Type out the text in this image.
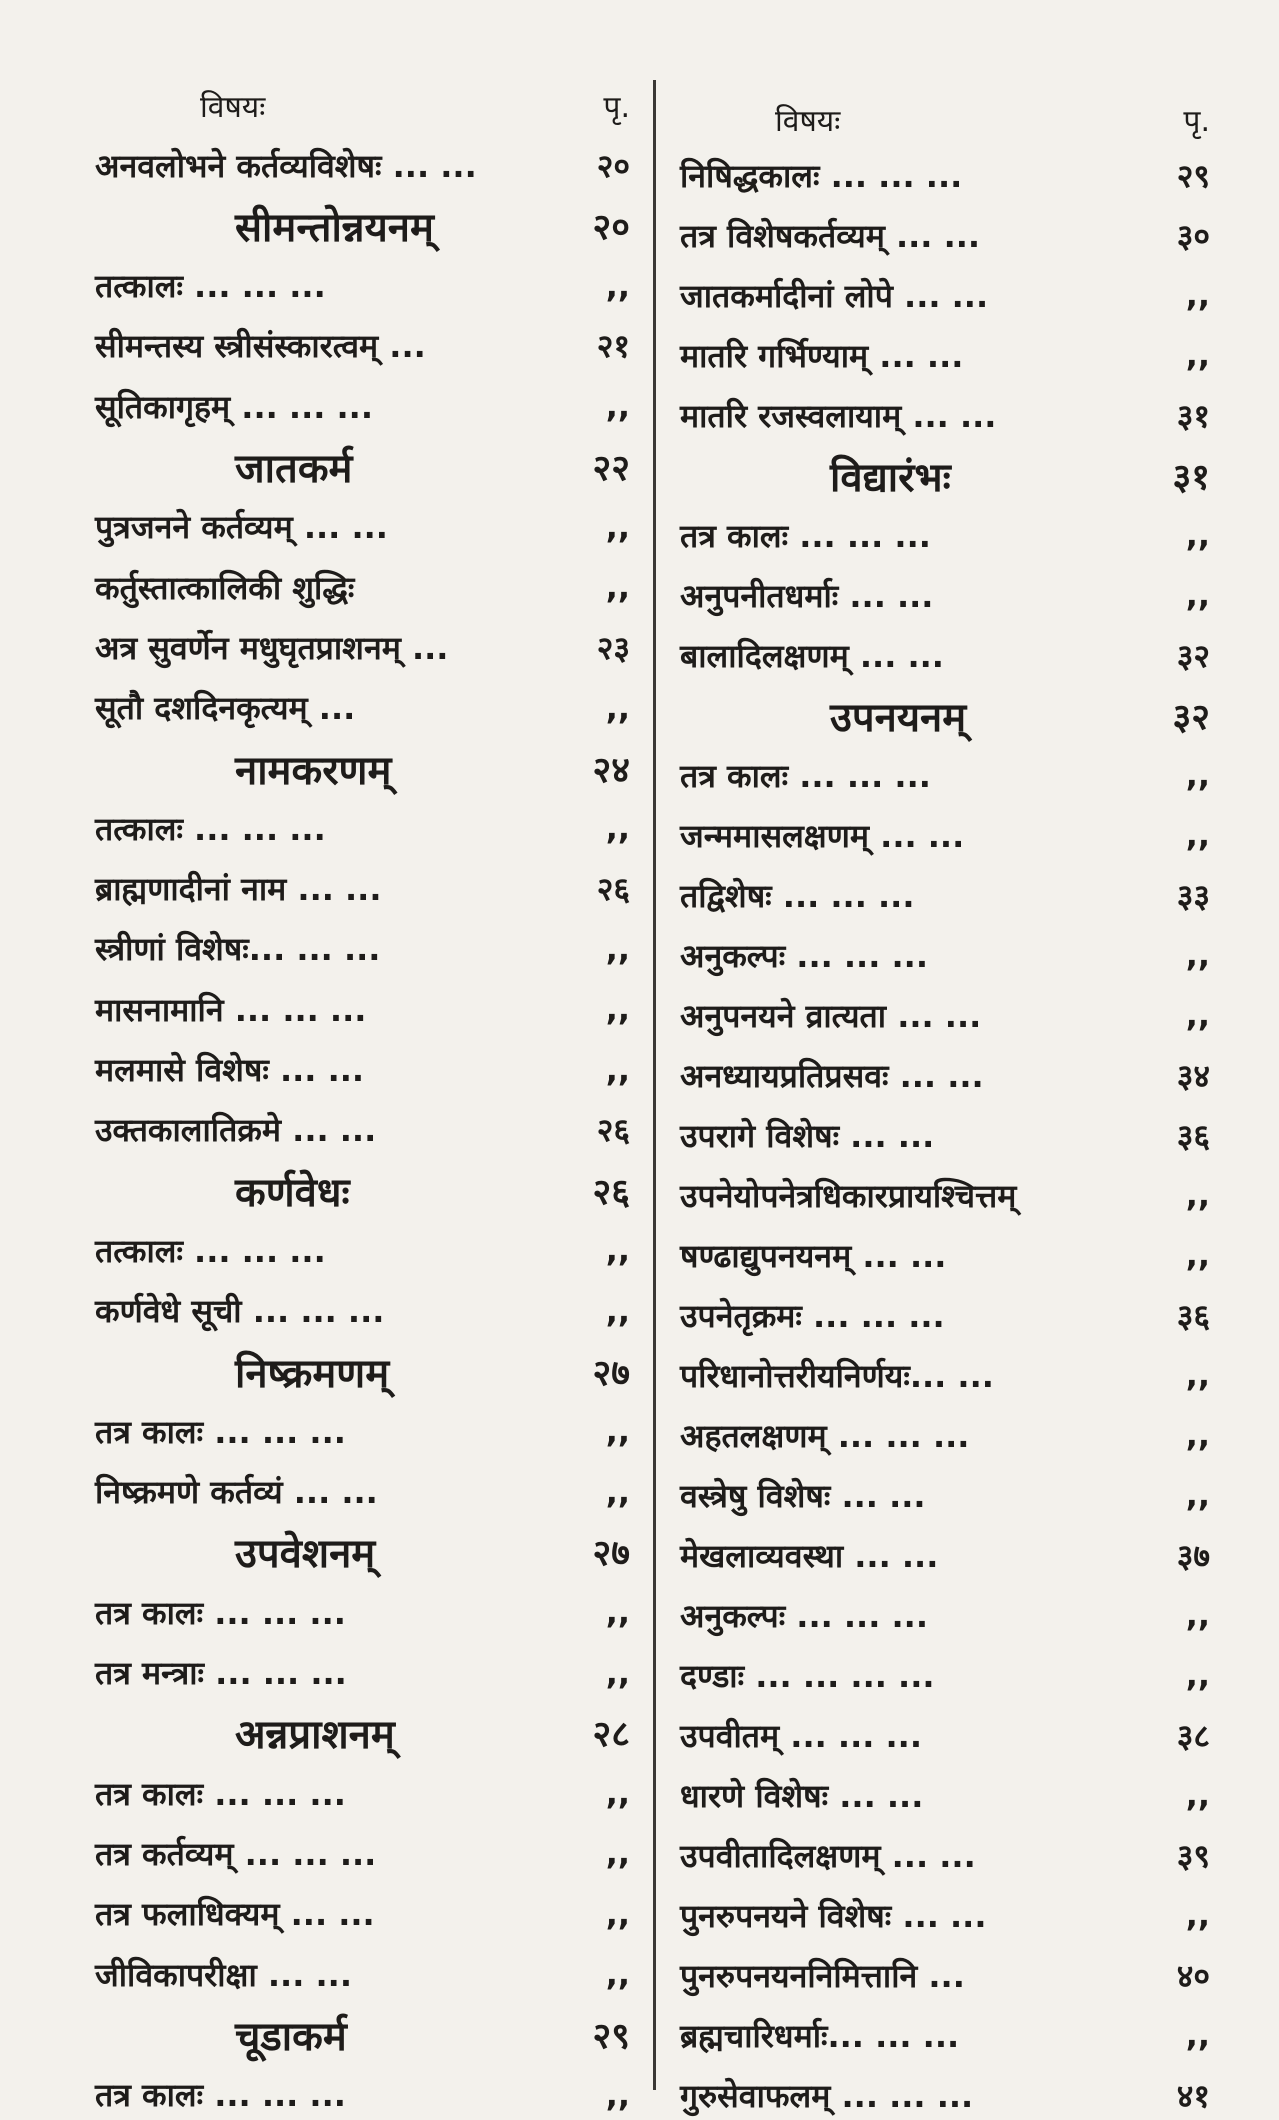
विषयः	पृ.
अनवलोभने कर्तव्यविशेषः ... ...	२०
सीमन्तोन्नयनम्	२०
तत्कालः ... ... ...	,,
सीमन्तस्य स्त्रीसंस्कारत्वम् ...	२१
सूतिकागृहम् ... ... ...	,,
जातकर्म	२२
पुत्रजनने कर्तव्यम् ... ...	,,
कर्तुस्तात्कालिकी शुद्धिः	,,
अत्र सुवर्णेन मधुघृतप्राशनम् ...	२३
सूतौ दशदिनकृत्यम् ...	,,
नामकरणम्	२४
तत्कालः ... ... ...	,,
ब्राह्मणादीनां नाम ... ...	२६
स्त्रीणां विशेषः... ... ...	,,
मासनामानि ... ... ...	,,
मलमासे विशेषः ... ...	,,
उक्तकालातिक्रमे ... ...	२६
कर्णवेधः	२६
तत्कालः ... ... ...	,,
कर्णवेधे सूची ... ... ...	,,
निष्क्रमणम्	२७
तत्र कालः ... ... ...	,,
निष्क्रमणे कर्तव्यं ... ...	,,
उपवेशनम्	२७
तत्र कालः ... ... ...	,,
तत्र मन्त्राः ... ... ...	,,
अन्नप्राशनम्	२८
तत्र कालः ... ... ...	,,
तत्र कर्तव्यम् ... ... ...	,,
तत्र फलाधिक्यम् ... ...	,,
जीविकापरीक्षा ... ...	,,
चूडाकर्म	२९
तत्र कालः ... ... ...	,,
विषयः	पृ.
निषिद्धकालः ... ... ...	२९
तत्र विशेषकर्तव्यम् ... ...	३०
जातकर्मादीनां लोपे ... ...	,,
मातरि गर्भिण्याम् ... ...	,,
मातरि रजस्वलायाम् ... ...	३१
विद्यारंभः	३१
तत्र कालः ... ... ...	,,
अनुपनीतधर्माः ... ...	,,
बालादिलक्षणम् ... ...	३२
उपनयनम्	३२
तत्र कालः ... ... ...	,,
जन्ममासलक्षणम् ... ...	,,
तद्विशेषः ... ... ...	३३
अनुकल्पः ... ... ...	,,
अनुपनयने व्रात्यता ... ...	,,
अनध्यायप्रतिप्रसवः ... ...	३४
उपरागे विशेषः ... ...	३६
उपनेयोपनेत्रधिकारप्रायश्चित्तम्	,,
षण्ढाद्युपनयनम् ... ...	,,
उपनेतृक्रमः ... ... ...	३६
परिधानोत्तरीयनिर्णयः... ...	,,
अहतलक्षणम् ... ... ...	,,
वस्त्रेषु विशेषः ... ...	,,
मेखलाव्यवस्था ... ...	३७
अनुकल्पः ... ... ...	,,
दण्डाः ... ... ... ...	,,
उपवीतम् ... ... ...	३८
धारणे विशेषः ... ...	,,
उपवीतादिलक्षणम् ... ...	३९
पुनरुपनयने विशेषः ... ...	,,
पुनरुपनयननिमित्तानि ...	४०
ब्रह्मचारिधर्माः... ... ...	,,
गुरुसेवाफलम् ... ... ...	४१
